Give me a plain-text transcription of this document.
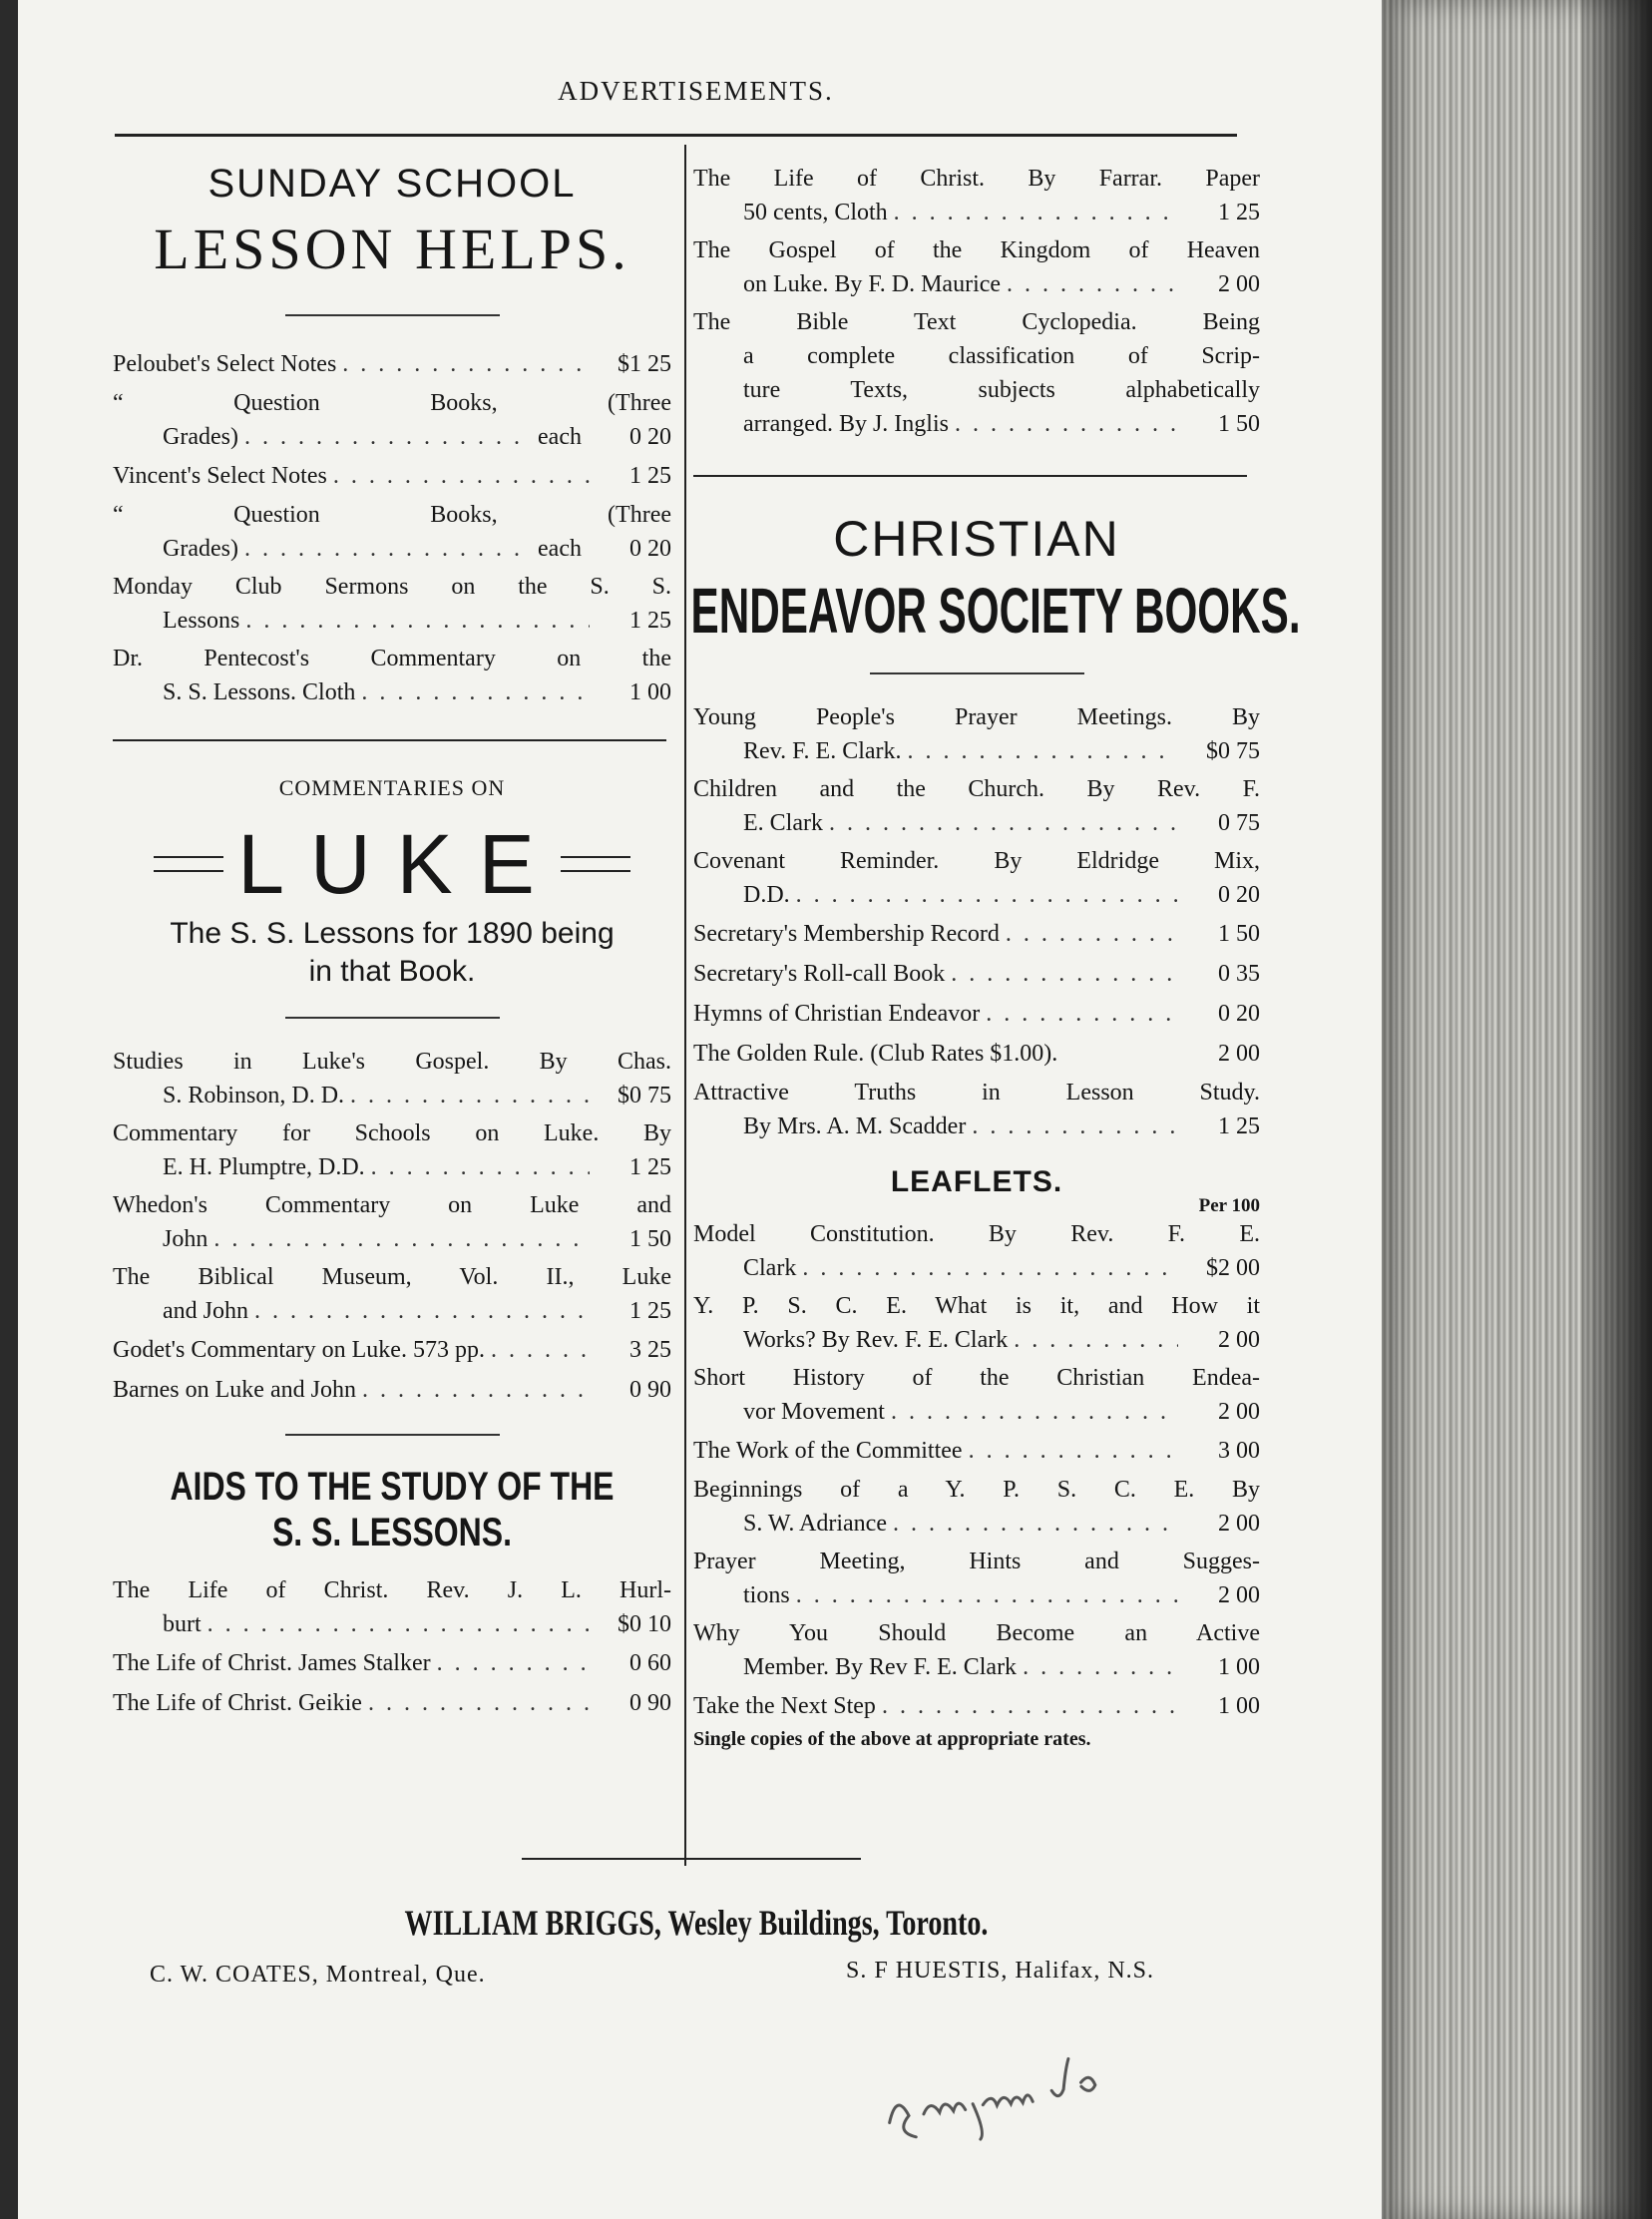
ADVERTISEMENTS.
SUNDAY SCHOOL
LESSON HELPS.
Peloubet's Select Notes . . .	$1 25
“ Question Books, (Three
Grades) . . .	each	0 20
Vincent's Select Notes . . .	1 25
“ Question Books, (Three
Grades) . . .	each	0 20
Monday Club Sermons on the S. S.
Lessons . . .	1 25
Dr. Pentecost's Commentary on the
S. S. Lessons. Cloth . . .	1 00
COMMENTARIES ON
LUKE
The S. S. Lessons for 1890 being
in that Book.
Studies in Luke's Gospel. By Chas.
S. Robinson, D. D. . . .	$0 75
Commentary for Schools on Luke. By
E. H. Plumptre, D.D. . . .	1 25
Whedon's Commentary on Luke and
John . . .	1 50
The Biblical Museum, Vol. II., Luke
and John . . .	1 25
Godet's Commentary on Luke. 573 pp. . . .	3 25
Barnes on Luke and John . . .	0 90
AIDS TO THE STUDY OF THE
S. S. LESSONS.
The Life of Christ. Rev. J. L. Hurl-
burt . . .	$0 10
The Life of Christ. James Stalker . . .	0 60
The Life of Christ. Geikie . . .	0 90
The Life of Christ. By Farrar. Paper
50 cents, Cloth . . .	1 25
The Gospel of the Kingdom of Heaven
on Luke. By F. D. Maurice . . .	2 00
The Bible Text Cyclopedia. Being
a complete classification of Scrip-
ture Texts, subjects alphabetically
arranged. By J. Inglis . . .	1 50
CHRISTIAN
ENDEAVOR SOCIETY BOOKS.
Young People's Prayer Meetings. By
Rev. F. E. Clark. . . .	$0 75
Children and the Church. By Rev. F.
E. Clark . . .	0 75
Covenant Reminder. By Eldridge Mix,
D.D. . . .	0 20
Secretary's Membership Record . . .	1 50
Secretary's Roll-call Book . . .	0 35
Hymns of Christian Endeavor . . .	0 20
The Golden Rule. (Club Rates $1.00).	2 00
Attractive Truths in Lesson Study.
By Mrs. A. M. Scadder . . .	1 25
LEAFLETS.
Per 100
Model Constitution. By Rev. F. E.
Clark . . .	$2 00
Y. P. S. C. E. What is it, and How it
Works? By Rev. F. E. Clark . . .	2 00
Short History of the Christian Endea-
vor Movement . . .	2 00
The Work of the Committee . . .	3 00
Beginnings of a Y. P. S. C. E. By
S. W. Adriance . . .	2 00
Prayer Meeting, Hints and Sugges-
tions . . .	2 00
Why You Should Become an Active
Member. By Rev F. E. Clark . . .	1 00
Take the Next Step . . .	1 00
Single copies of the above at appropriate rates.
WILLIAM BRIGGS, Wesley Buildings, Toronto.
C. W. COATES, Montreal, Que.	S. F HUESTIS, Halifax, N.S.
